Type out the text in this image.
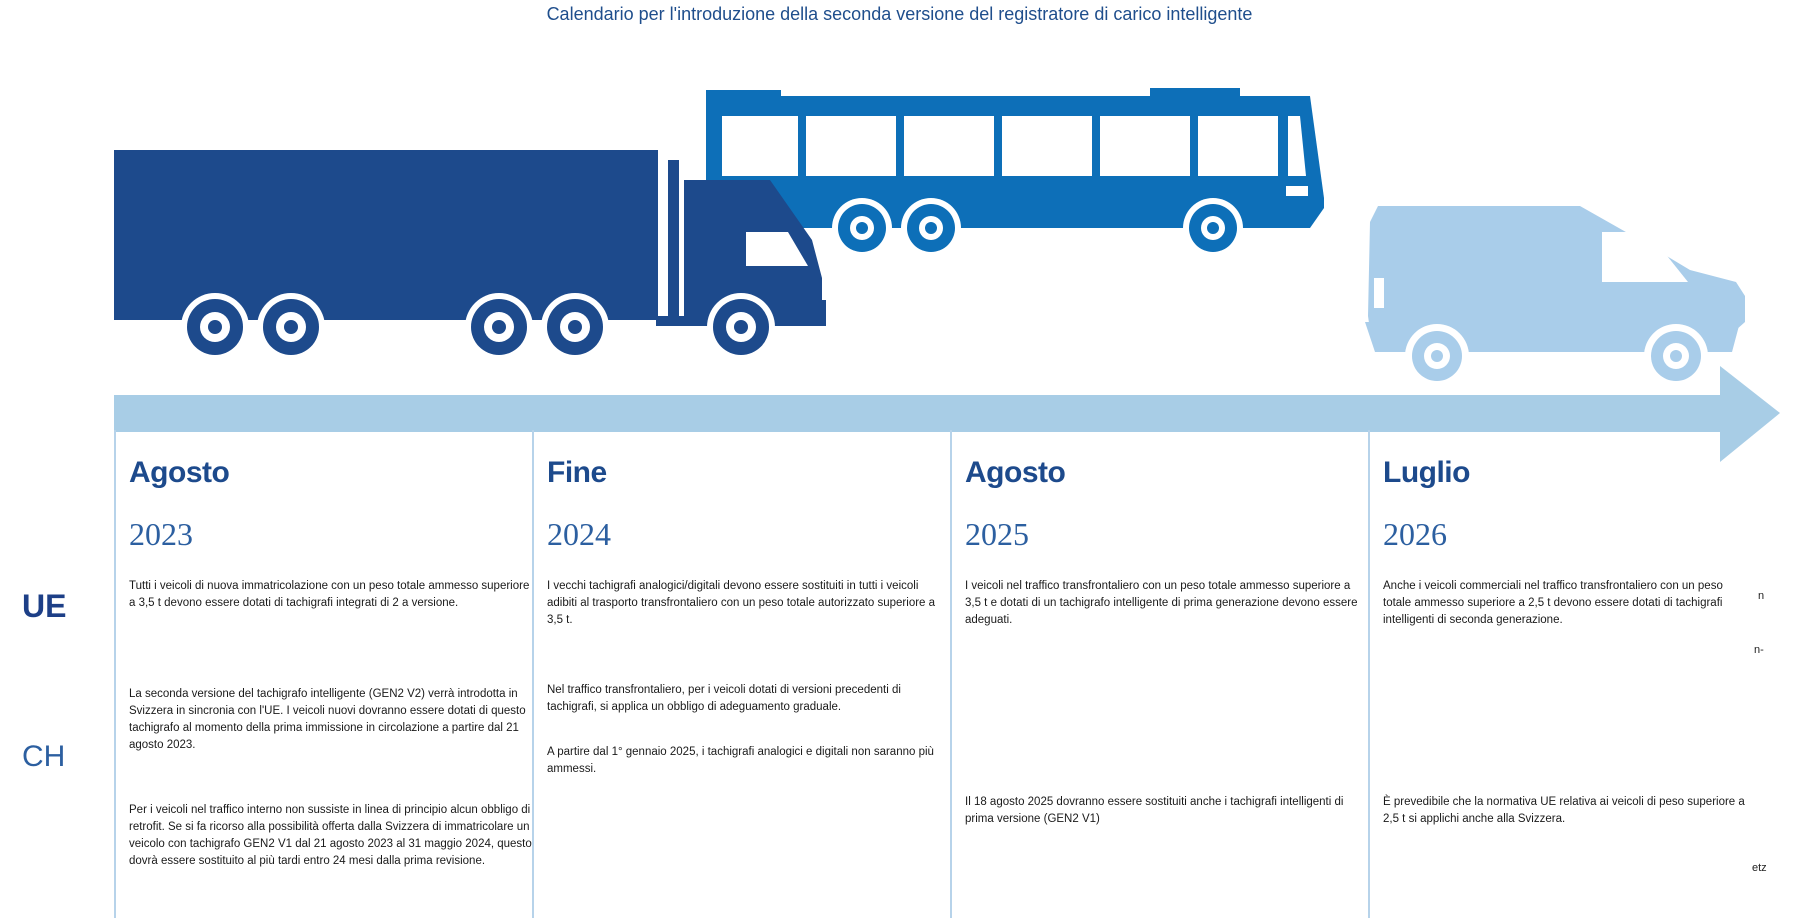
Calendario per l'introduzione della seconda versione del registratore di carico intelligente
UE
CH
Agosto
2023
Tutti i veicoli di nuova immatricolazione con un peso totale ammesso superiore a 3,5 t devono essere dotati di tachigrafi integrati di 2 a versione.
La seconda versione del tachigrafo intelligente (GEN2 V2) verrà introdotta in Svizzera in sincronia con l'UE. I veicoli nuovi dovranno essere dotati di questo tachigrafo al momento della prima immissione in circolazione a partire dal 21 agosto 2023.
Per i veicoli nel traffico interno non sussiste in linea di principio alcun obbligo di retrofit. Se si fa ricorso alla possibilità offerta dalla Svizzera di immatricolare un veicolo con tachigrafo GEN2 V1 dal 21 agosto 2023 al 31 maggio 2024, questo dovrà essere sostituito al più tardi entro 24 mesi dalla prima revisione.
Fine
2024
I vecchi tachigrafi analogici/digitali devono essere sostituiti in tutti i veicoli adibiti al trasporto transfrontaliero con un peso totale autorizzato superiore a 3,5 t.
Nel traffico transfrontaliero, per i veicoli dotati di versioni precedenti di tachigrafi, si applica un obbligo di adeguamento graduale.
A partire dal 1° gennaio 2025, i tachigrafi analogici e digitali non saranno più ammessi.
Agosto
2025
I veicoli nel traffico transfrontaliero con un peso totale ammesso superiore a 3,5 t e dotati di un tachigrafo intelligente di prima generazione devono essere adeguati.
Il 18 agosto 2025 dovranno essere sostituiti anche i tachigrafi intelligenti di prima versione (GEN2 V1)
Luglio
2026
Anche i veicoli commerciali nel traffico transfrontaliero con un peso totale ammesso superiore a 2,5 t devono essere dotati di tachigrafi intelligenti di seconda generazione.
È prevedibile che la normativa UE relativa ai veicoli di peso superiore a 2,5 t si applichi anche alla Svizzera.
n
n-
etz
